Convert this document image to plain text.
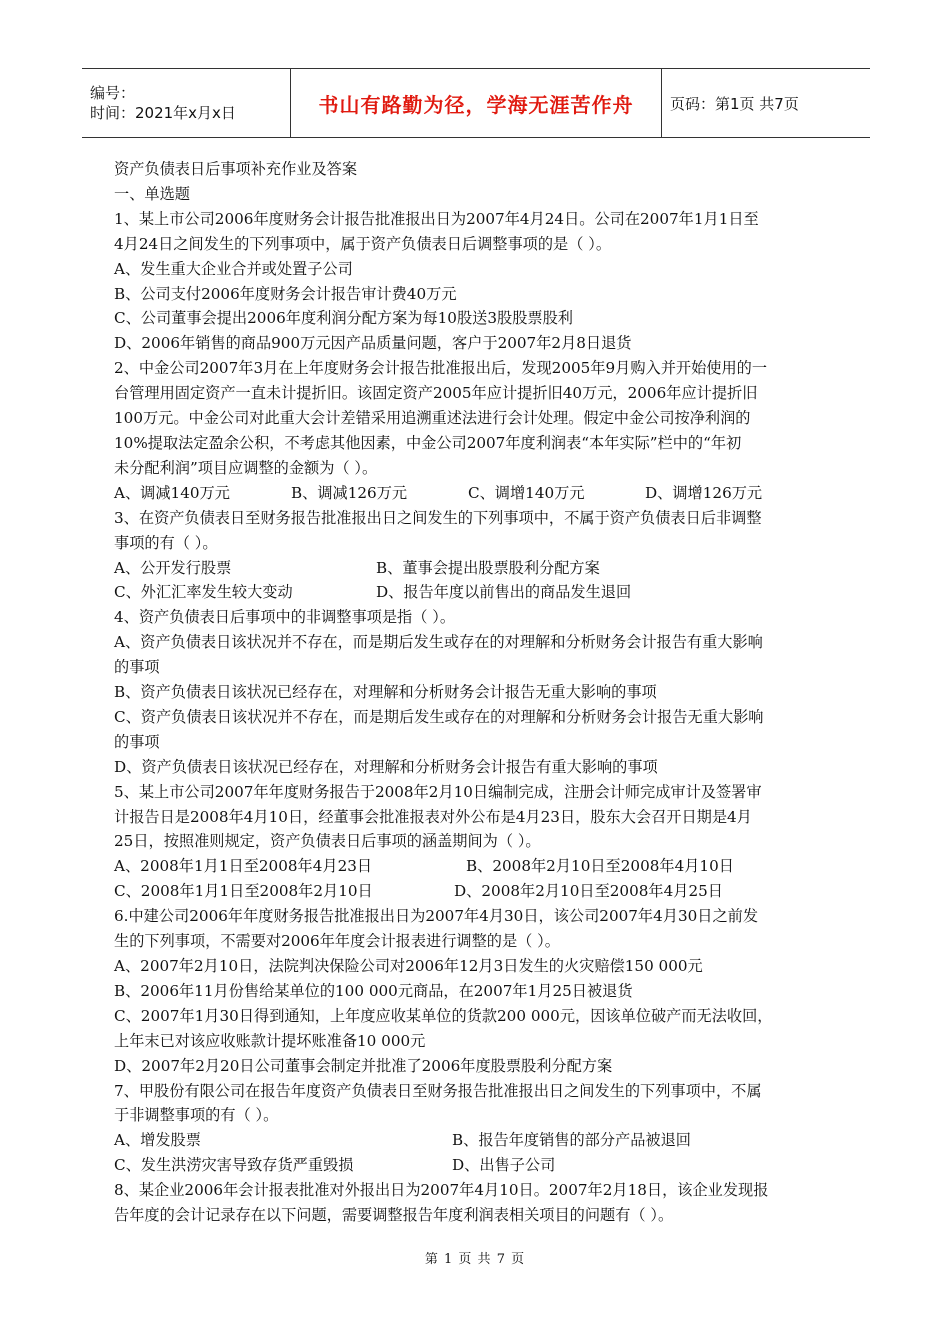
编号：
时间：2021年x月x日	书山有路勤为径，学海无涯苦作舟 页码：第1页 共7页

资产负债表日后事项补充作业及答案

一、单选题

1、某上市公司2006年度财务会计报告批准报出日为2007年4月24日。公司在2007年1月1日至

4月24日之间发生的下列事项中，属于资产负债表日后调整事项的是（ ）。

A、发生重大企业合并或处置子公司

B、公司支付2006年度财务会计报告审计费40万元

C、公司董事会提出2006年度利润分配方案为每10股送3股股票股利

D、2006年销售的商品900万元因产品质量问题，客户于2007年2月8日退货

2、中金公司2007年3月在上年度财务会计报告批准报出后，发现2005年9月购入并开始使用的一

台管理用固定资产一直未计提折旧。该固定资产2005年应计提折旧40万元，2006年应计提折旧

100万元。中金公司对此重大会计差错采用追溯重述法进行会计处理。假定中金公司按净利润的

10%提取法定盈余公积，不考虑其他因素，中金公司2007年度利润表“本年实际”栏中的“年初

未分配利润”项目应调整的金额为（ ）。

A、调减140万元	B、调减126万元	C、调增140万元	D、调增126万元

3、在资产负债表日至财务报告批准报出日之间发生的下列事项中，不属于资产负债表日后非调整

事项的有（ ）。

A、公开发行股票	B、董事会提出股票股利分配方案
C、外汇汇率发生较大变动	D、报告年度以前售出的商品发生退回

4、资产负债表日后事项中的非调整事项是指（ ）。

A、资产负债表日该状况并不存在，而是期后发生或存在的对理解和分析财务会计报告有重大影响

的事项

B、资产负债表日该状况已经存在，对理解和分析财务会计报告无重大影响的事项

C、资产负债表日该状况并不存在，而是期后发生或存在的对理解和分析财务会计报告无重大影响

的事项

D、资产负债表日该状况已经存在，对理解和分析财务会计报告有重大影响的事项

5、某上市公司2007年年度财务报告于2008年2月10日编制完成，注册会计师完成审计及签署审

计报告日是2008年4月10日，经董事会批准报表对外公布是4月23日，股东大会召开日期是4月

25日，按照准则规定，资产负债表日后事项的涵盖期间为（ ）。

A、2008年1月1日至2008年4月23日	B、2008年2月10日至2008年4月10日
C、2008年1月1日至2008年2月10日	D、2008年2月10日至2008年4月25日

6.中建公司2006年年度财务报告批准报出日为2007年4月30日，该公司2007年4月30日之前发

生的下列事项，不需要对2006年年度会计报表进行调整的是（ ）。

A、2007年2月10日，法院判决保险公司对2006年12月3日发生的火灾赔偿150 000元

B、2006年11月份售给某单位的100 000元商品，在2007年1月25日被退货

C、2007年1月30日得到通知，上年度应收某单位的货款200 000元，因该单位破产而无法收回，

上年末已对该应收账款计提坏账准备10 000元

D、2007年2月20日公司董事会制定并批准了2006年度股票股利分配方案

7、甲股份有限公司在报告年度资产负债表日至财务报告批准报出日之间发生的下列事项中，不属

于非调整事项的有（ ）。

A、增发股票	B、报告年度销售的部分产品被退回
C、发生洪涝灾害导致存货严重毁损	D、出售子公司

8、某企业2006年会计报表批准对外报出日为2007年4月10日。2007年2月18日，该企业发现报

告年度的会计记录存在以下问题，需要调整报告年度利润表相关项目的问题有（ ）。

第 1 页 共 7 页
